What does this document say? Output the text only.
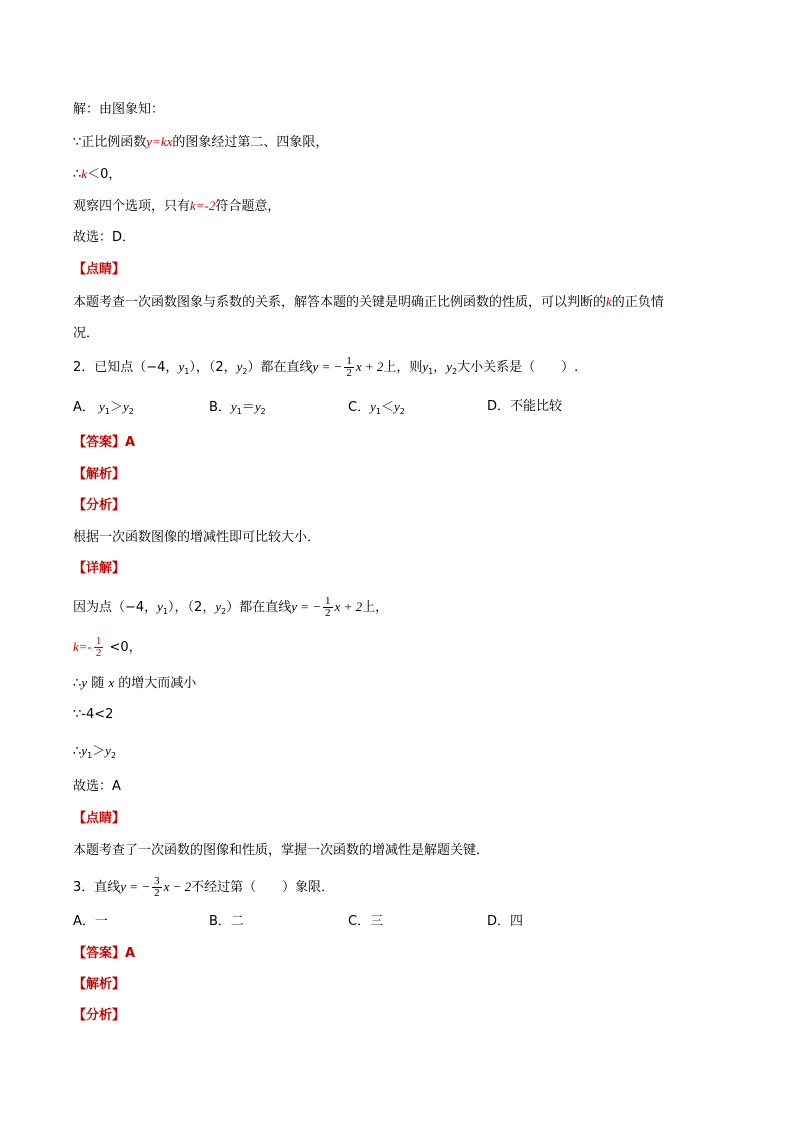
解：由图象知：
∵正比例函数y=kx的图象经过第二、四象限，
∴k＜0，
观察四个选项，只有k=-2符合题意，
故选：D．
【点睛】
本题考查一次函数图象与系数的关系，解答本题的关键是明确正比例函数的性质，可以判断的k的正负情
况．
2．已知点（−4，$y_1$），（2，$y_2$）都在直线y = − $\frac{1}{2}$ x + 2上，则$y_1$，$y_2$大小关系是（　　）.
A． $y_1>y_2$	B．$y_1=y_2$	C．$y_1<y_2$	D．不能比较
【答案】A
【解析】
【分析】
根据一次函数图像的增减性即可比较大小．
【详解】
因为点（−4，$y_1$），（2，$y_2$）都在直线y = − $\frac{1}{2}$ x + 2上，
$k=- \frac{1}{2} <0$，
∴y 随 x 的增大而减小
∵-4<2
$\therefore y_1>y_2$
故选：A
【点睛】
本题考查了一次函数的图像和性质，掌握一次函数的增减性是解题关键．
3．直线y = − $\frac{3}{2}$ x − 2不经过第（　　）象限．
A．一	B．二	C．三	D．四
【答案】A
【解析】
【分析】
